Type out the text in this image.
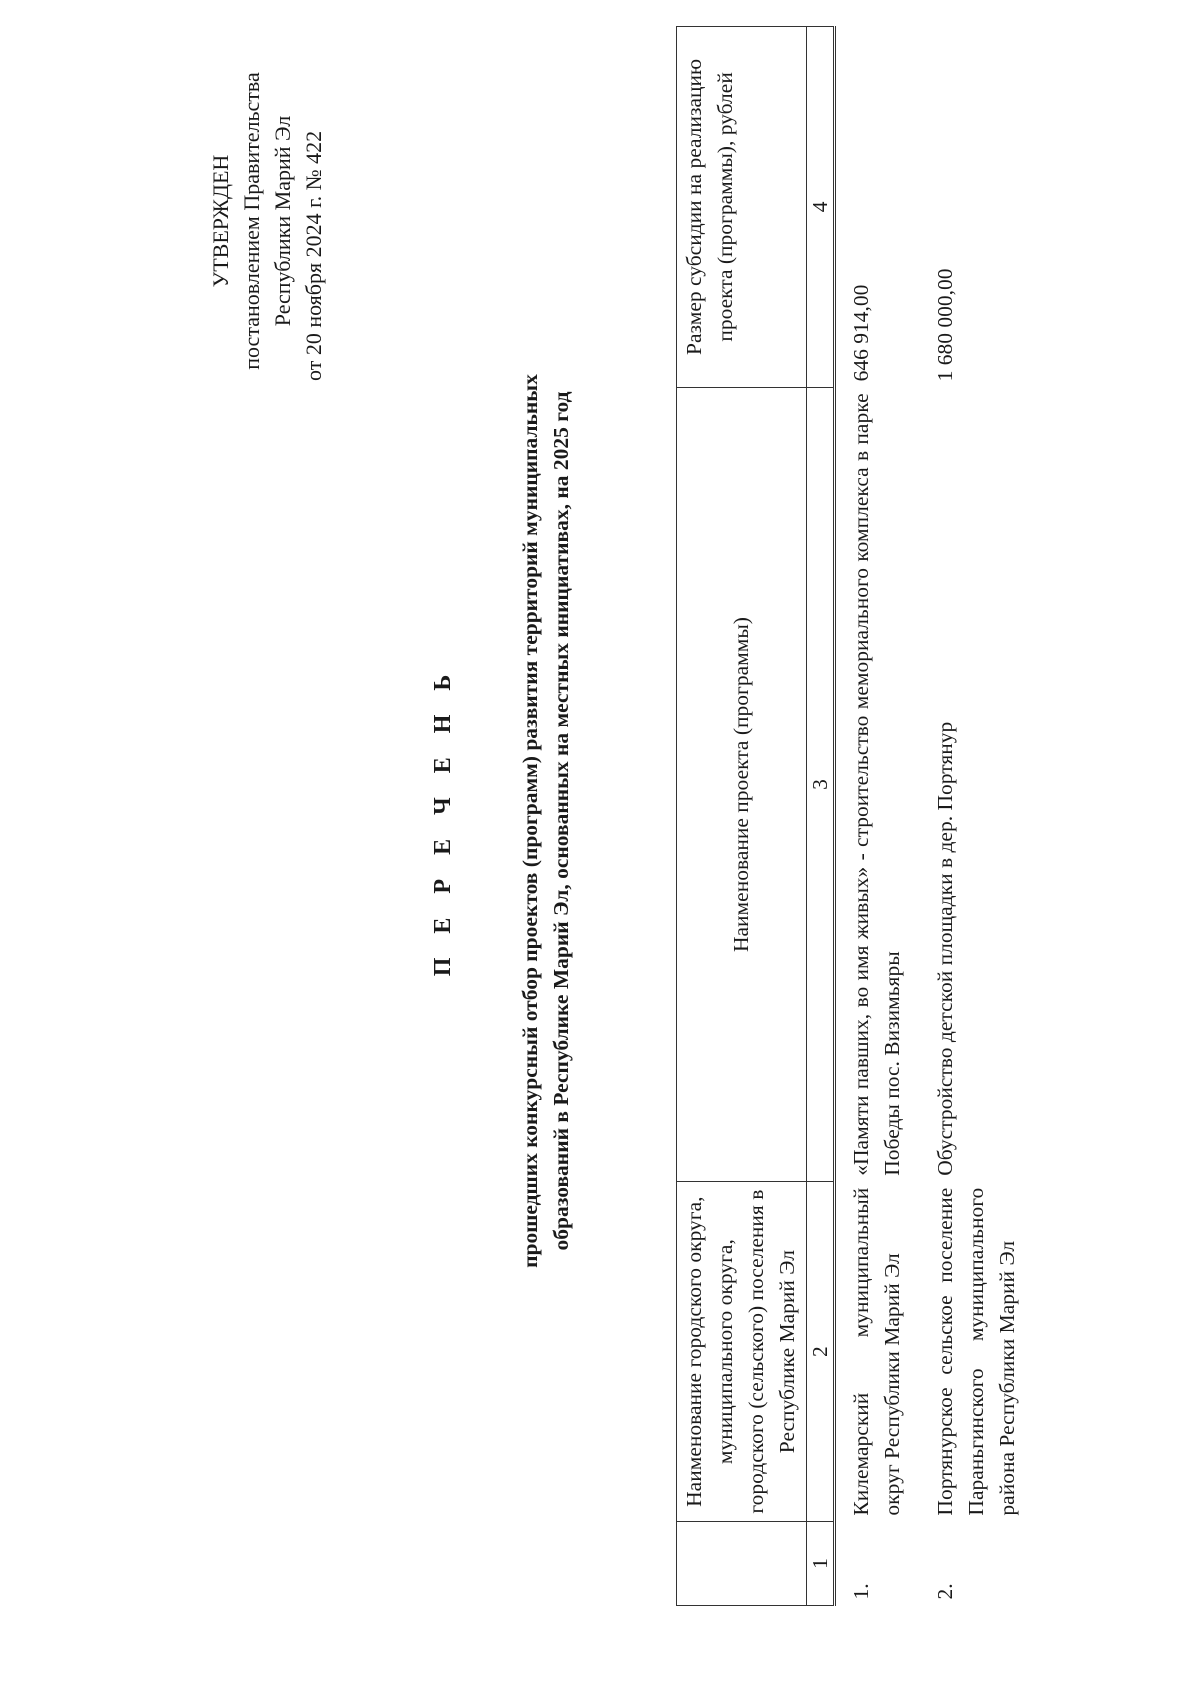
УТВЕРЖДЕН постановлением Правительства Республики Марий Эл от 20 ноября 2024 г. № 422
П Е Р Е Ч Е Н Ь	прошедших конкурсный отбор проектов (программ) развития территорий муниципальных образований в Республике Марий Эл, основанных на местных инициативах, на 2025 год
	Наименование городского округа, муниципального округа, городского (сельского) поселения в Республике Марий Эл	Наименование проекта (программы)	Размер субсидии на реализацию проекта (программы), рублей
1	2	3	4
1.	Килемарский муниципальный округ Республики Марий Эл	«Памяти павших, во имя живых» - строительство мемориального комплекса в парке Победы пос. Визимьяры	646 914,00
2.	Портянурское сельское поселение Параньгинского муниципального района Республики Марий Эл	Обустройство детской площадки в дер. Портянур	1 680 000,00
